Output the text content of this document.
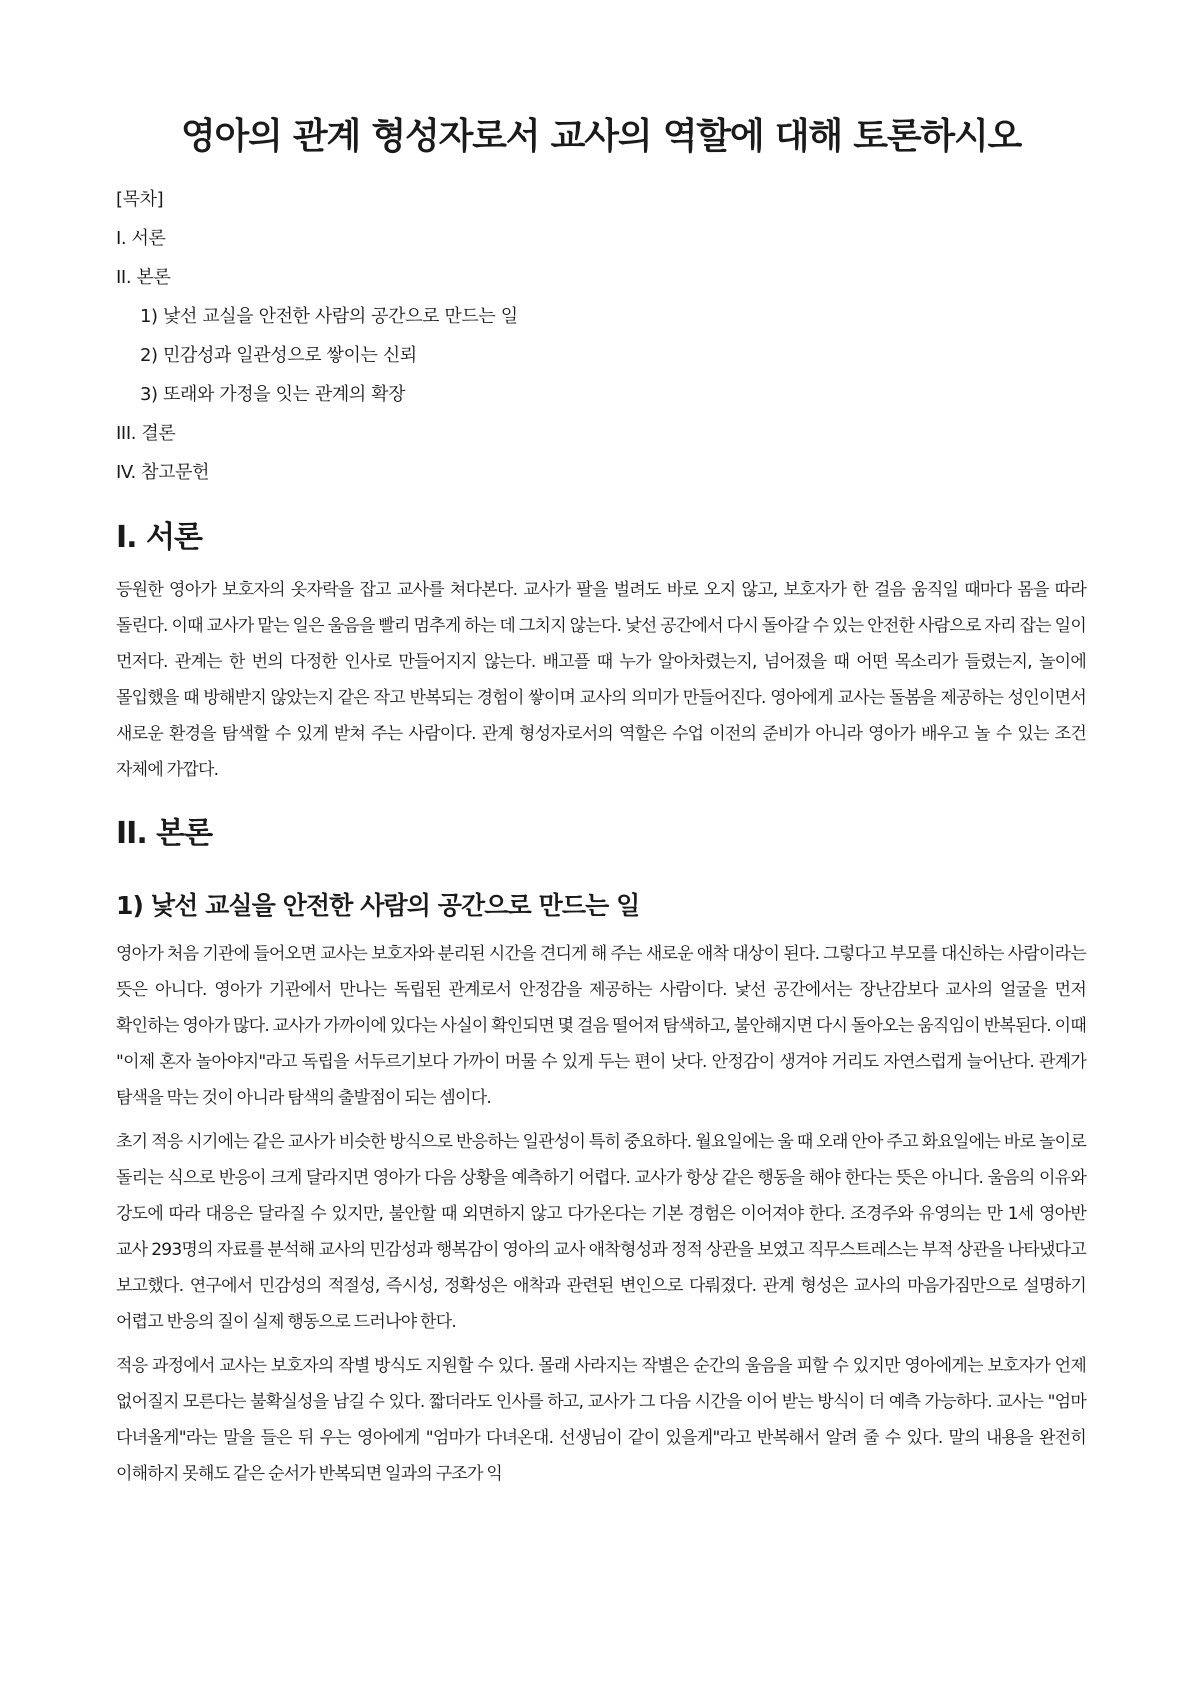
영아의 관계 형성자로서 교사의 역할에 대해 토론하시오
[목차]
I. 서론
II. 본론
1) 낯선 교실을 안전한 사람의 공간으로 만드는 일
2) 민감성과 일관성으로 쌓이는 신뢰
3) 또래와 가정을 잇는 관계의 확장
III. 결론
IV. 참고문헌
I. 서론

등원한 영아가 보호자의 옷자락을 잡고 교사를 쳐다본다. 교사가 팔을 벌려도 바로 오지 않고, 보호자가 한 걸음 움직일 때마다 몸을 따라 돌린다. 이때 교사가 맡는 일은 울음을 빨리 멈추게 하는 데 그치지 않는다. 낯선 공간에서 다시 돌아갈 수 있는 안전한 사람으로 자리 잡는 일이 먼저다. 관계는 한 번의 다정한 인사로 만들어지지 않는다. 배고플 때 누가 알아차렸는지, 넘어졌을 때 어떤 목소리가 들렸는지, 놀이에 몰입했을 때 방해받지 않았는지 같은 작고 반복되는 경험이 쌓이며 교사의 의미가 만들어진다. 영아에게 교사는 돌봄을 제공하는 성인이면서 새로운 환경을 탐색할 수 있게 받쳐 주는 사람이다. 관계 형성자로서의 역할은 수업 이전의 준비가 아니라 영아가 배우고 놀 수 있는 조건 자체에 가깝다.

II. 본론
1) 낯선 교실을 안전한 사람의 공간으로 만드는 일

영아가 처음 기관에 들어오면 교사는 보호자와 분리된 시간을 견디게 해 주는 새로운 애착 대상이 된다. 그렇다고 부모를 대신하는 사람이라는 뜻은 아니다. 영아가 기관에서 만나는 독립된 관계로서 안정감을 제공하는 사람이다. 낯선 공간에서는 장난감보다 교사의 얼굴을 먼저 확인하는 영아가 많다. 교사가 가까이에 있다는 사실이 확인되면 몇 걸음 떨어져 탐색하고, 불안해지면 다시 돌아오는 움직임이 반복된다. 이때 "이제 혼자 놀아야지"라고 독립을 서두르기보다 가까이 머물 수 있게 두는 편이 낫다. 안정감이 생겨야 거리도 자연스럽게 늘어난다. 관계가 탐색을 막는 것이 아니라 탐색의 출발점이 되는 셈이다.

초기 적응 시기에는 같은 교사가 비슷한 방식으로 반응하는 일관성이 특히 중요하다. 월요일에는 울 때 오래 안아 주고 화요일에는 바로 놀이로 돌리는 식으로 반응이 크게 달라지면 영아가 다음 상황을 예측하기 어렵다. 교사가 항상 같은 행동을 해야 한다는 뜻은 아니다. 울음의 이유와 강도에 따라 대응은 달라질 수 있지만, 불안할 때 외면하지 않고 다가온다는 기본 경험은 이어져야 한다. 조경주와 유영의는 만 1세 영아반 교사 293명의 자료를 분석해 교사의 민감성과 행복감이 영아의 교사 애착형성과 정적 상관을 보였고 직무스트레스는 부적 상관을 나타냈다고 보고했다. 연구에서 민감성의 적절성, 즉시성, 정확성은 애착과 관련된 변인으로 다뤄졌다. 관계 형성은 교사의 마음가짐만으로 설명하기 어렵고 반응의 질이 실제 행동으로 드러나야 한다.

적응 과정에서 교사는 보호자의 작별 방식도 지원할 수 있다. 몰래 사라지는 작별은 순간의 울음을 피할 수 있지만 영아에게는 보호자가 언제 없어질지 모른다는 불확실성을 남길 수 있다. 짧더라도 인사를 하고, 교사가 그 다음 시간을 이어 받는 방식이 더 예측 가능하다. 교사는 "엄마 다녀올게"라는 말을 들은 뒤 우는 영아에게 "엄마가 다녀온대. 선생님이 같이 있을게"라고 반복해서 알려 줄 수 있다. 말의 내용을 완전히 이해하지 못해도 같은 순서가 반복되면 일과의 구조가 익
